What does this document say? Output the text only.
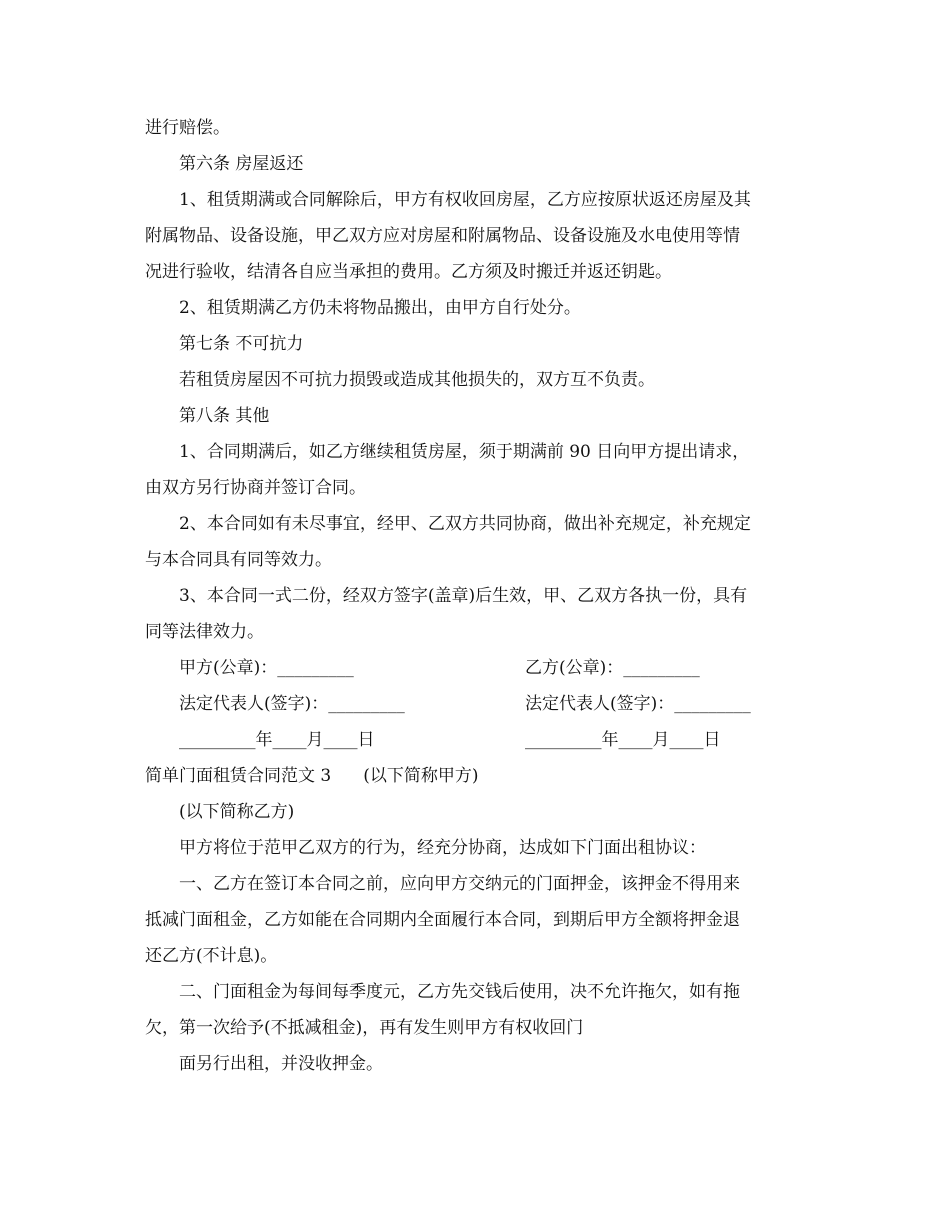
进行赔偿。
第六条 房屋返还
1、租赁期满或合同解除后，甲方有权收回房屋，乙方应按原状返还房屋及其
附属物品、设备设施，甲乙双方应对房屋和附属物品、设备设施及水电使用等情
况进行验收，结清各自应当承担的费用。乙方须及时搬迁并返还钥匙。
2、租赁期满乙方仍未将物品搬出，由甲方自行处分。
第七条 不可抗力
若租赁房屋因不可抗力损毁或造成其他损失的，双方互不负责。
第八条 其他
1、合同期满后，如乙方继续租赁房屋，须于期满前 90 日向甲方提出请求，
由双方另行协商并签订合同。
2、本合同如有未尽事宜，经甲、乙双方共同协商，做出补充规定，补充规定
与本合同具有同等效力。
3、本合同一式二份，经双方签字(盖章)后生效，甲、乙双方各执一份，具有
同等法律效力。
甲方(公章)：_________	乙方(公章)：_________
法定代表人(签字)：_________	法定代表人(签字)：_________
_________年____月____日	_________年____月____日
简单门面租赁合同范文 3 (以下简称甲方)
(以下简称乙方)
甲方将位于范甲乙双方的行为，经充分协商，达成如下门面出租协议：
一、乙方在签订本合同之前，应向甲方交纳元的门面押金，该押金不得用来
抵减门面租金，乙方如能在合同期内全面履行本合同，到期后甲方全额将押金退
还乙方(不计息)。
二、门面租金为每间每季度元，乙方先交钱后使用，决不允许拖欠，如有拖
欠，第一次给予(不抵减租金)，再有发生则甲方有权收回门
面另行出租，并没收押金。
